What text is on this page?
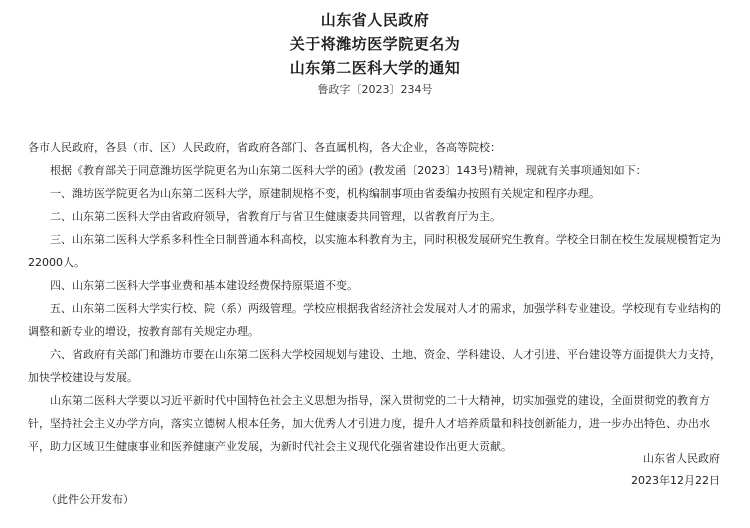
山东省人民政府
关于将潍坊医学院更名为
山东第二医科大学的通知
鲁政字〔2023〕234号

各市人民政府，各县（市、区）人民政府，省政府各部门、各直属机构，各大企业，各高等院校：

根据《教育部关于同意潍坊医学院更名为山东第二医科大学的函》(教发函〔2023〕143号)精神，现就有关事项通知如下：

一、潍坊医学院更名为山东第二医科大学，原建制规格不变，机构编制事项由省委编办按照有关规定和程序办理。

二、山东第二医科大学由省政府领导，省教育厅与省卫生健康委共同管理，以省教育厅为主。

三、山东第二医科大学系多科性全日制普通本科高校，以实施本科教育为主，同时积极发展研究生教育。学校全日制在校生发展规模暂定为22000人。

四、山东第二医科大学事业费和基本建设经费保持原渠道不变。

五、山东第二医科大学实行校、院（系）两级管理。学校应根据我省经济社会发展对人才的需求，加强学科专业建设。学校现有专业结构的调整和新专业的增设，按教育部有关规定办理。

六、省政府有关部门和潍坊市要在山东第二医科大学校园规划与建设、土地、资金、学科建设、人才引进、平台建设等方面提供大力支持，加快学校建设与发展。

山东第二医科大学要以习近平新时代中国特色社会主义思想为指导，深入贯彻党的二十大精神，切实加强党的建设，全面贯彻党的教育方针，坚持社会主义办学方向，落实立德树人根本任务，加大优秀人才引进力度，提升人才培养质量和科技创新能力，进一步办出特色、办出水平，助力区域卫生健康事业和医养健康产业发展，为新时代社会主义现代化强省建设作出更大贡献。

山东省人民政府
2023年12月22日
（此件公开发布）
